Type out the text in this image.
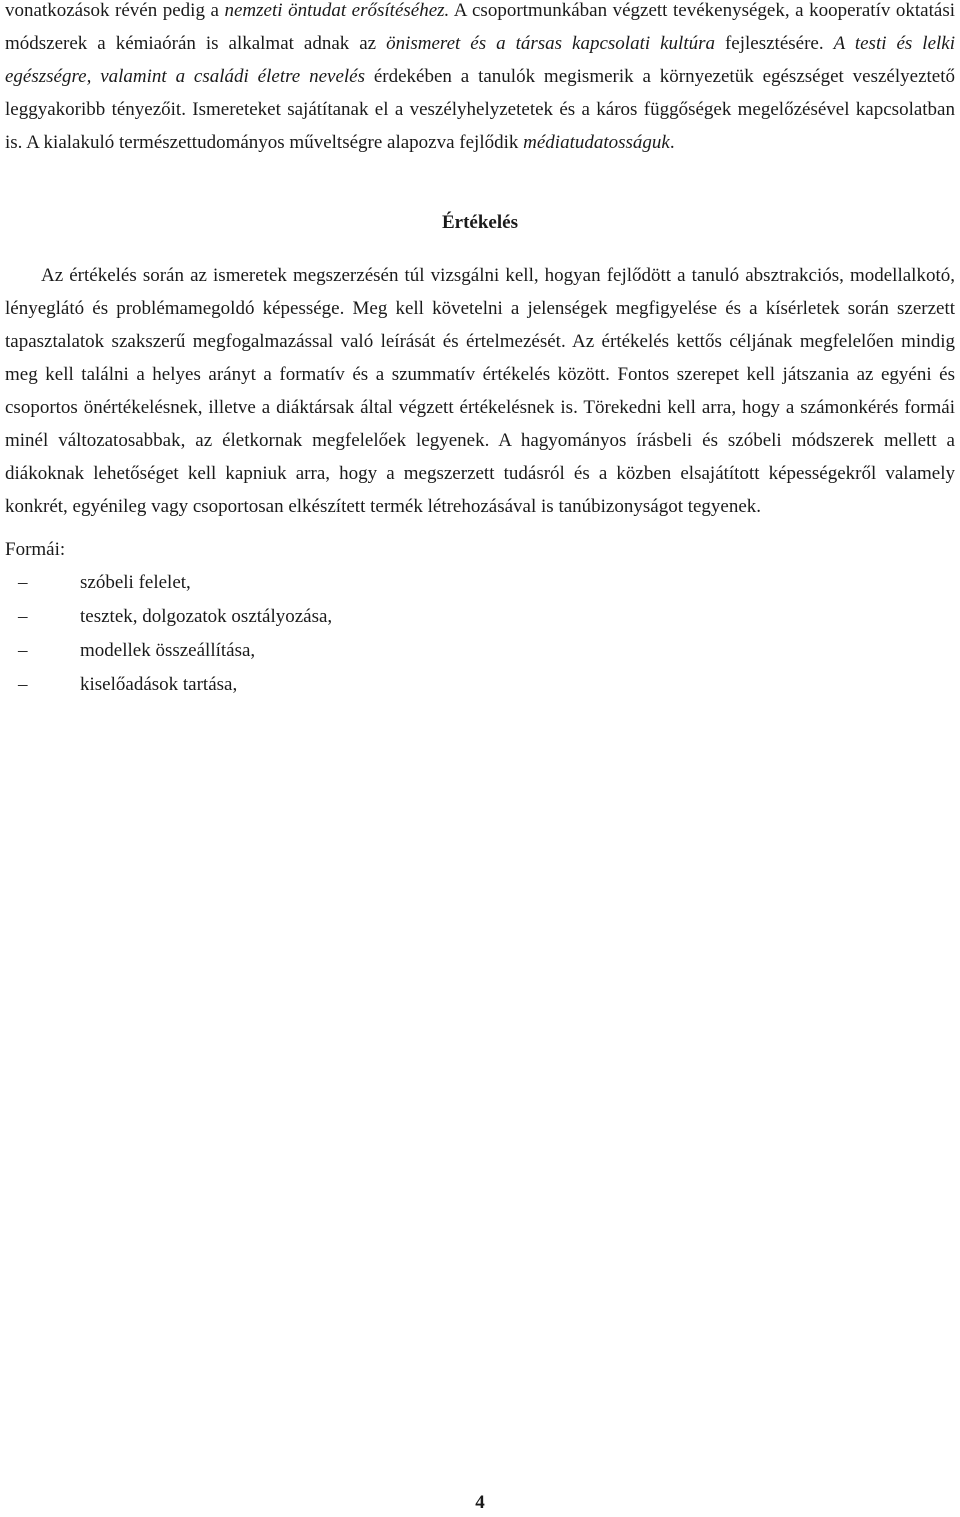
vonatkozások révén pedig a nemzeti öntudat erősítéséhez. A csoportmunkában végzett tevékenységek, a kooperatív oktatási módszerek a kémiaórán is alkalmat adnak az önismeret és a társas kapcsolati kultúra fejlesztésére. A testi és lelki egészségre, valamint a családi életre nevelés érdekében a tanulók megismerik a környezetük egészséget veszélyeztető leggyakoribb tényezőit. Ismereteket sajátítanak el a veszélyhelyzetetek és a káros függőségek megelőzésével kapcsolatban is. A kialakuló természettudományos műveltségre alapozva fejlődik médiatudatosságuk.

Értékelés

Az értékelés során az ismeretek megszerzésén túl vizsgálni kell, hogyan fejlődött a tanuló absztrakciós, modellalkotó, lényeglátó és problémamegoldó képessége. Meg kell követelni a jelenségek megfigyelése és a kísérletek során szerzett tapasztalatok szakszerű megfogalmazással való leírását és értelmezését. Az értékelés kettős céljának megfelelően mindig meg kell találni a helyes arányt a formatív és a szummatív értékelés között. Fontos szerepet kell játszania az egyéni és csoportos önértékelésnek, illetve a diáktársak által végzett értékelésnek is. Törekedni kell arra, hogy a számonkérés formái minél változatosabbak, az életkornak megfelelőek legyenek. A hagyományos írásbeli és szóbeli módszerek mellett a diákoknak lehetőséget kell kapniuk arra, hogy a megszerzett tudásról és a közben elsajátított képességekről valamely konkrét, egyénileg vagy csoportosan elkészített termék létrehozásával is tanúbizonyságot tegyenek.

Formái:
–	szóbeli felelet,
–	tesztek, dolgozatok osztályozása,
–	modellek összeállítása,
–	kiselőadások tartása,
4
